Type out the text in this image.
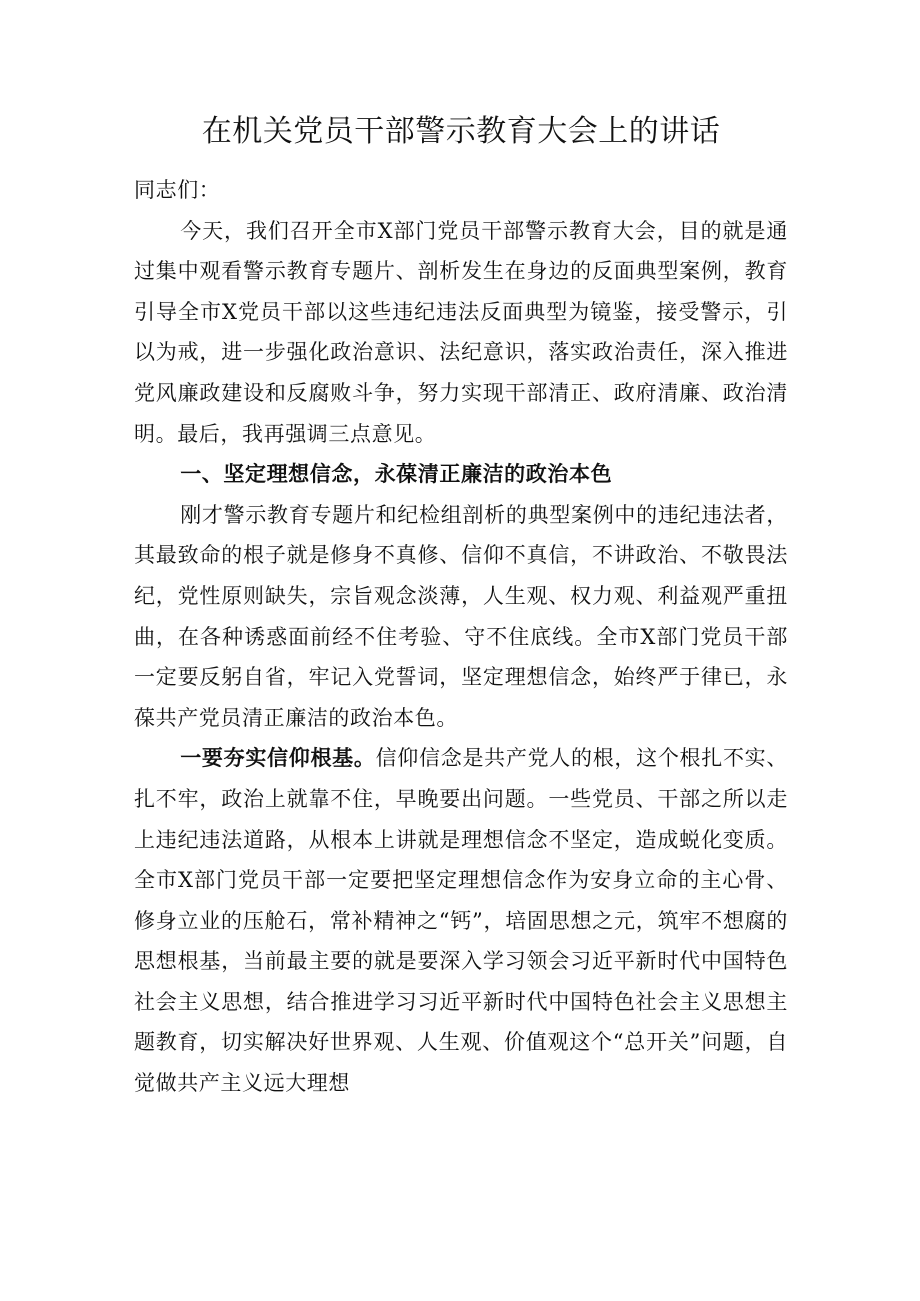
在机关党员干部警示教育大会上的讲话

同志们：

今天，我们召开全市X部门党员干部警示教育大会，目的就是通过集中观看警示教育专题片、剖析发生在身边的反面典型案例，教育引导全市X党员干部以这些违纪违法反面典型为镜鉴，接受警示，引以为戒，进一步强化政治意识、法纪意识，落实政治责任，深入推进党风廉政建设和反腐败斗争，努力实现干部清正、政府清廉、政治清明。最后，我再强调三点意见。

一、坚定理想信念，永葆清正廉洁的政治本色

刚才警示教育专题片和纪检组剖析的典型案例中的违纪违法者，其最致命的根子就是修身不真修、信仰不真信，不讲政治、不敬畏法纪，党性原则缺失，宗旨观念淡薄，人生观、权力观、利益观严重扭曲，在各种诱惑面前经不住考验、守不住底线。全市X部门党员干部一定要反躬自省，牢记入党誓词，坚定理想信念，始终严于律已，永葆共产党员清正廉洁的政治本色。

一要夯实信仰根基。信仰信念是共产党人的根，这个根扎不实、扎不牢，政治上就靠不住，早晚要出问题。一些党员、干部之所以走上违纪违法道路，从根本上讲就是理想信念不坚定，造成蜕化变质。全市X部门党员干部一定要把坚定理想信念作为安身立命的主心骨、修身立业的压舱石，常补精神之“钙”，培固思想之元，筑牢不想腐的思想根基，当前最主要的就是要深入学习领会习近平新时代中国特色社会主义思想，结合推进学习习近平新时代中国特色社会主义思想主题教育，切实解决好世界观、人生观、价值观这个“总开关”问题，自觉做共产主义远大理想
